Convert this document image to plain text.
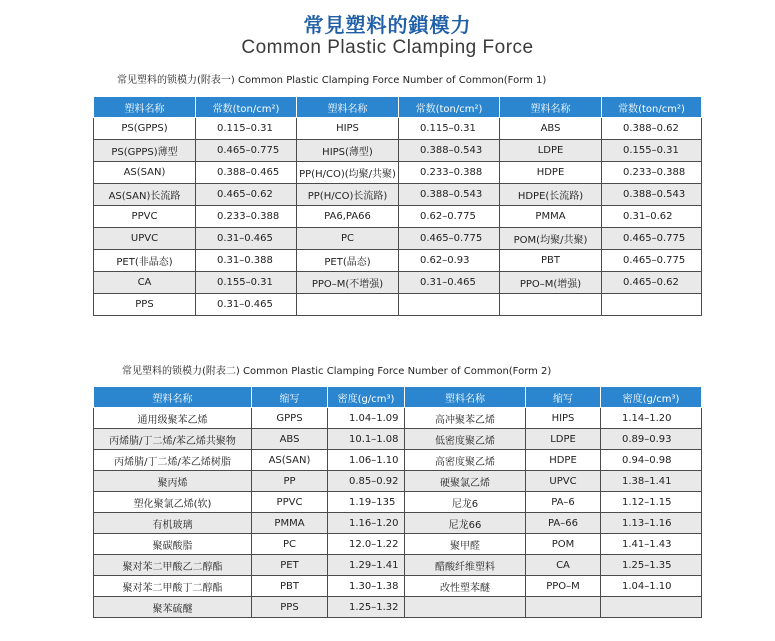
常見塑料的鎖模力
Common Plastic Clamping Force
常见塑料的锁模力(附表一) Common Plastic Clamping Force Number of Common(Form 1)
塑料名称	常数(ton/cm²)	塑料名称	常数(ton/cm²)	塑料名称	常数(ton/cm²)
PS(GPPS)	0.115–0.31	HIPS	0.115–0.31	ABS	0.388–0.62
PS(GPPS)薄型	0.465–0.775	HIPS(薄型)	0.388–0.543	LDPE	0.155–0.31
AS(SAN)	0.388–0.465	PP(H/CO)(均聚/共聚)	0.233–0.388	HDPE	0.233–0.388
AS(SAN)长流路	0.465–0.62	PP(H/CO)长流路)	0.388–0.543	HDPE(长流路)	0.388–0.543
PPVC	0.233–0.388	PA6,PA66	0.62–0.775	PMMA	0.31–0.62
UPVC	0.31–0.465	PC	0.465–0.775	POM(均聚/共聚)	0.465–0.775
PET(非晶态)	0.31–0.388	PET(晶态)	0.62–0.93	PBT	0.465–0.775
CA	0.155–0.31	PPO–M(不增强)	0.31–0.465	PPO–M(增强)	0.465–0.62
PPS	0.31–0.465				
常见塑料的锁模力(附表二) Common Plastic Clamping Force Number of Common(Form 2)
塑料名称	缩写	密度(g/cm³)	塑料名称	缩写	密度(g/cm³)
通用级聚苯乙烯	GPPS	1.04–1.09	高冲聚苯乙烯	HIPS	1.14–1.20
丙烯腈/丁二烯/苯乙烯共聚物	ABS	10.1–1.08	低密度聚乙烯	LDPE	0.89–0.93
丙烯腈/丁二烯/苯乙烯树脂	AS(SAN)	1.06–1.10	高密度聚乙烯	HDPE	0.94–0.98
聚丙烯	PP	0.85–0.92	硬聚氯乙烯	UPVC	1.38–1.41
塑化聚氯乙烯(软)	PPVC	1.19–135	尼龙6	PA–6	1.12–1.15
有机玻璃	PMMA	1.16–1.20	尼龙66	PA–66	1.13–1.16
聚碳酸脂	PC	12.0–1.22	聚甲醛	POM	1.41–1.43
聚对苯二甲酸乙二醇酯	PET	1.29–1.41	醋酸纤维塑料	CA	1.25–1.35
聚对苯二甲酸丁二醇酯	PBT	1.30–1.38	改性塑苯醚	PPO–M	1.04–1.10
聚苯硫醚	PPS	1.25–1.32			
